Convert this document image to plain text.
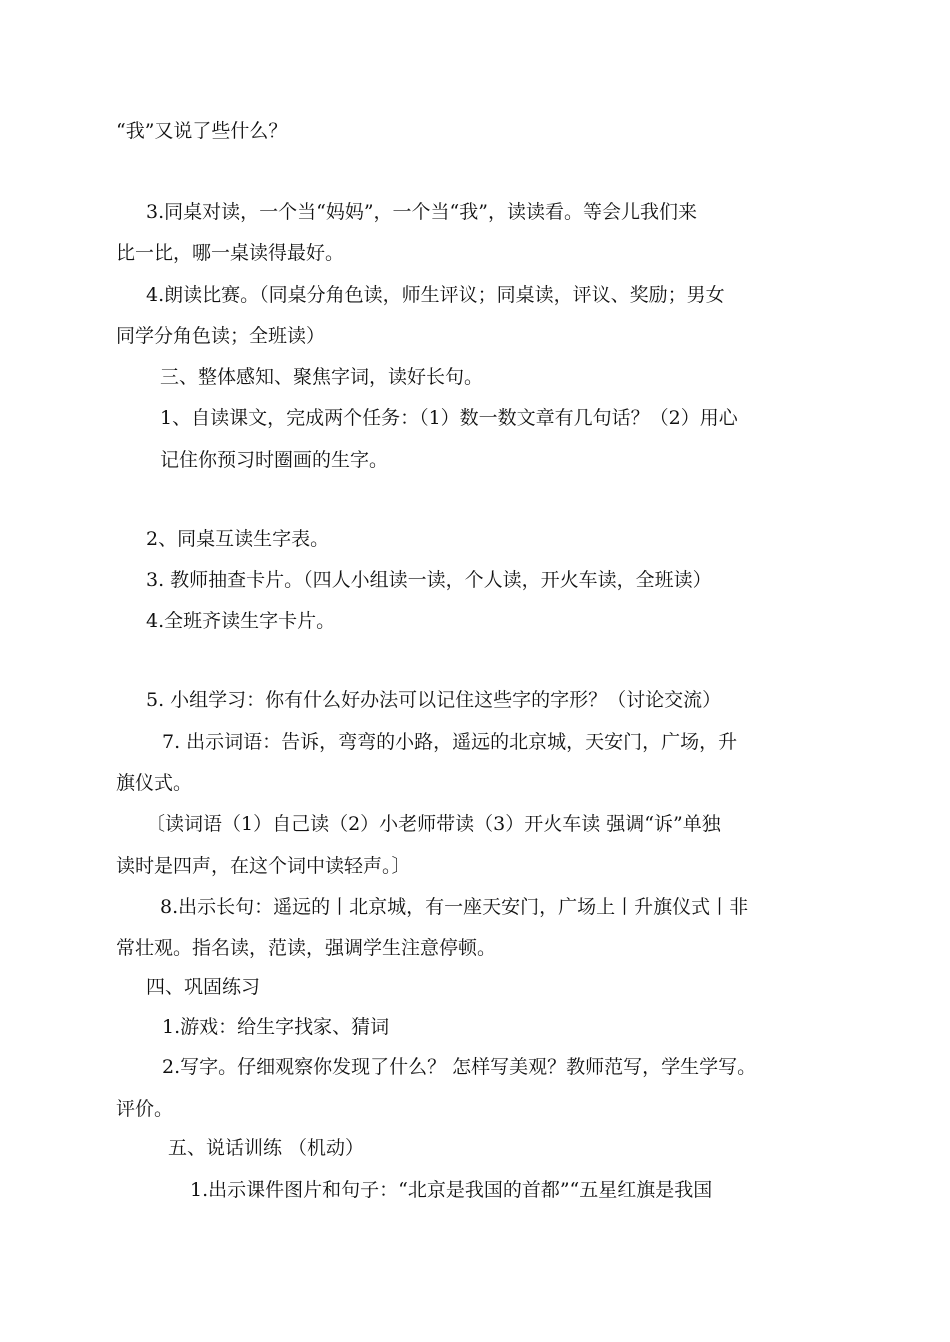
“我”又说了些什么？
3.同桌对读，一个当“妈妈”，一个当“我”，读读看。等会儿我们来
比一比，哪一桌读得最好。
4.朗读比赛。（同桌分角色读，师生评议；同桌读，评议、奖励；男女
同学分角色读；全班读）
三、整体感知、聚焦字词，读好长句。
1、自读课文，完成两个任务：（1）数一数文章有几句话？（2）用心
记住你预习时圈画的生字。
2、同桌互读生字表。
3. 教师抽查卡片。（四人小组读一读，个人读，开火车读，全班读）
4.全班齐读生字卡片。
5. 小组学习：你有什么好办法可以记住这些字的字形？（讨论交流）
7. 出示词语：告诉，弯弯的小路，遥远的北京城，天安门，广场，升
旗仪式。
〔读词语（1）自己读（2）小老师带读（3）开火车读 强调“诉”单独
读时是四声，在这个词中读轻声。〕
8.出示长句：遥远的丨北京城，有一座天安门，广场上丨升旗仪式丨非
常壮观。指名读，范读，强调学生注意停顿。
四、巩固练习
1.游戏：给生字找家、猜词
2.写字。仔细观察你发现了什么？ 怎样写美观？教师范写，学生学写。
评价。
五、说话训练 （机动）
1.出示课件图片和句子：“北京是我国的首都”“五星红旗是我国
